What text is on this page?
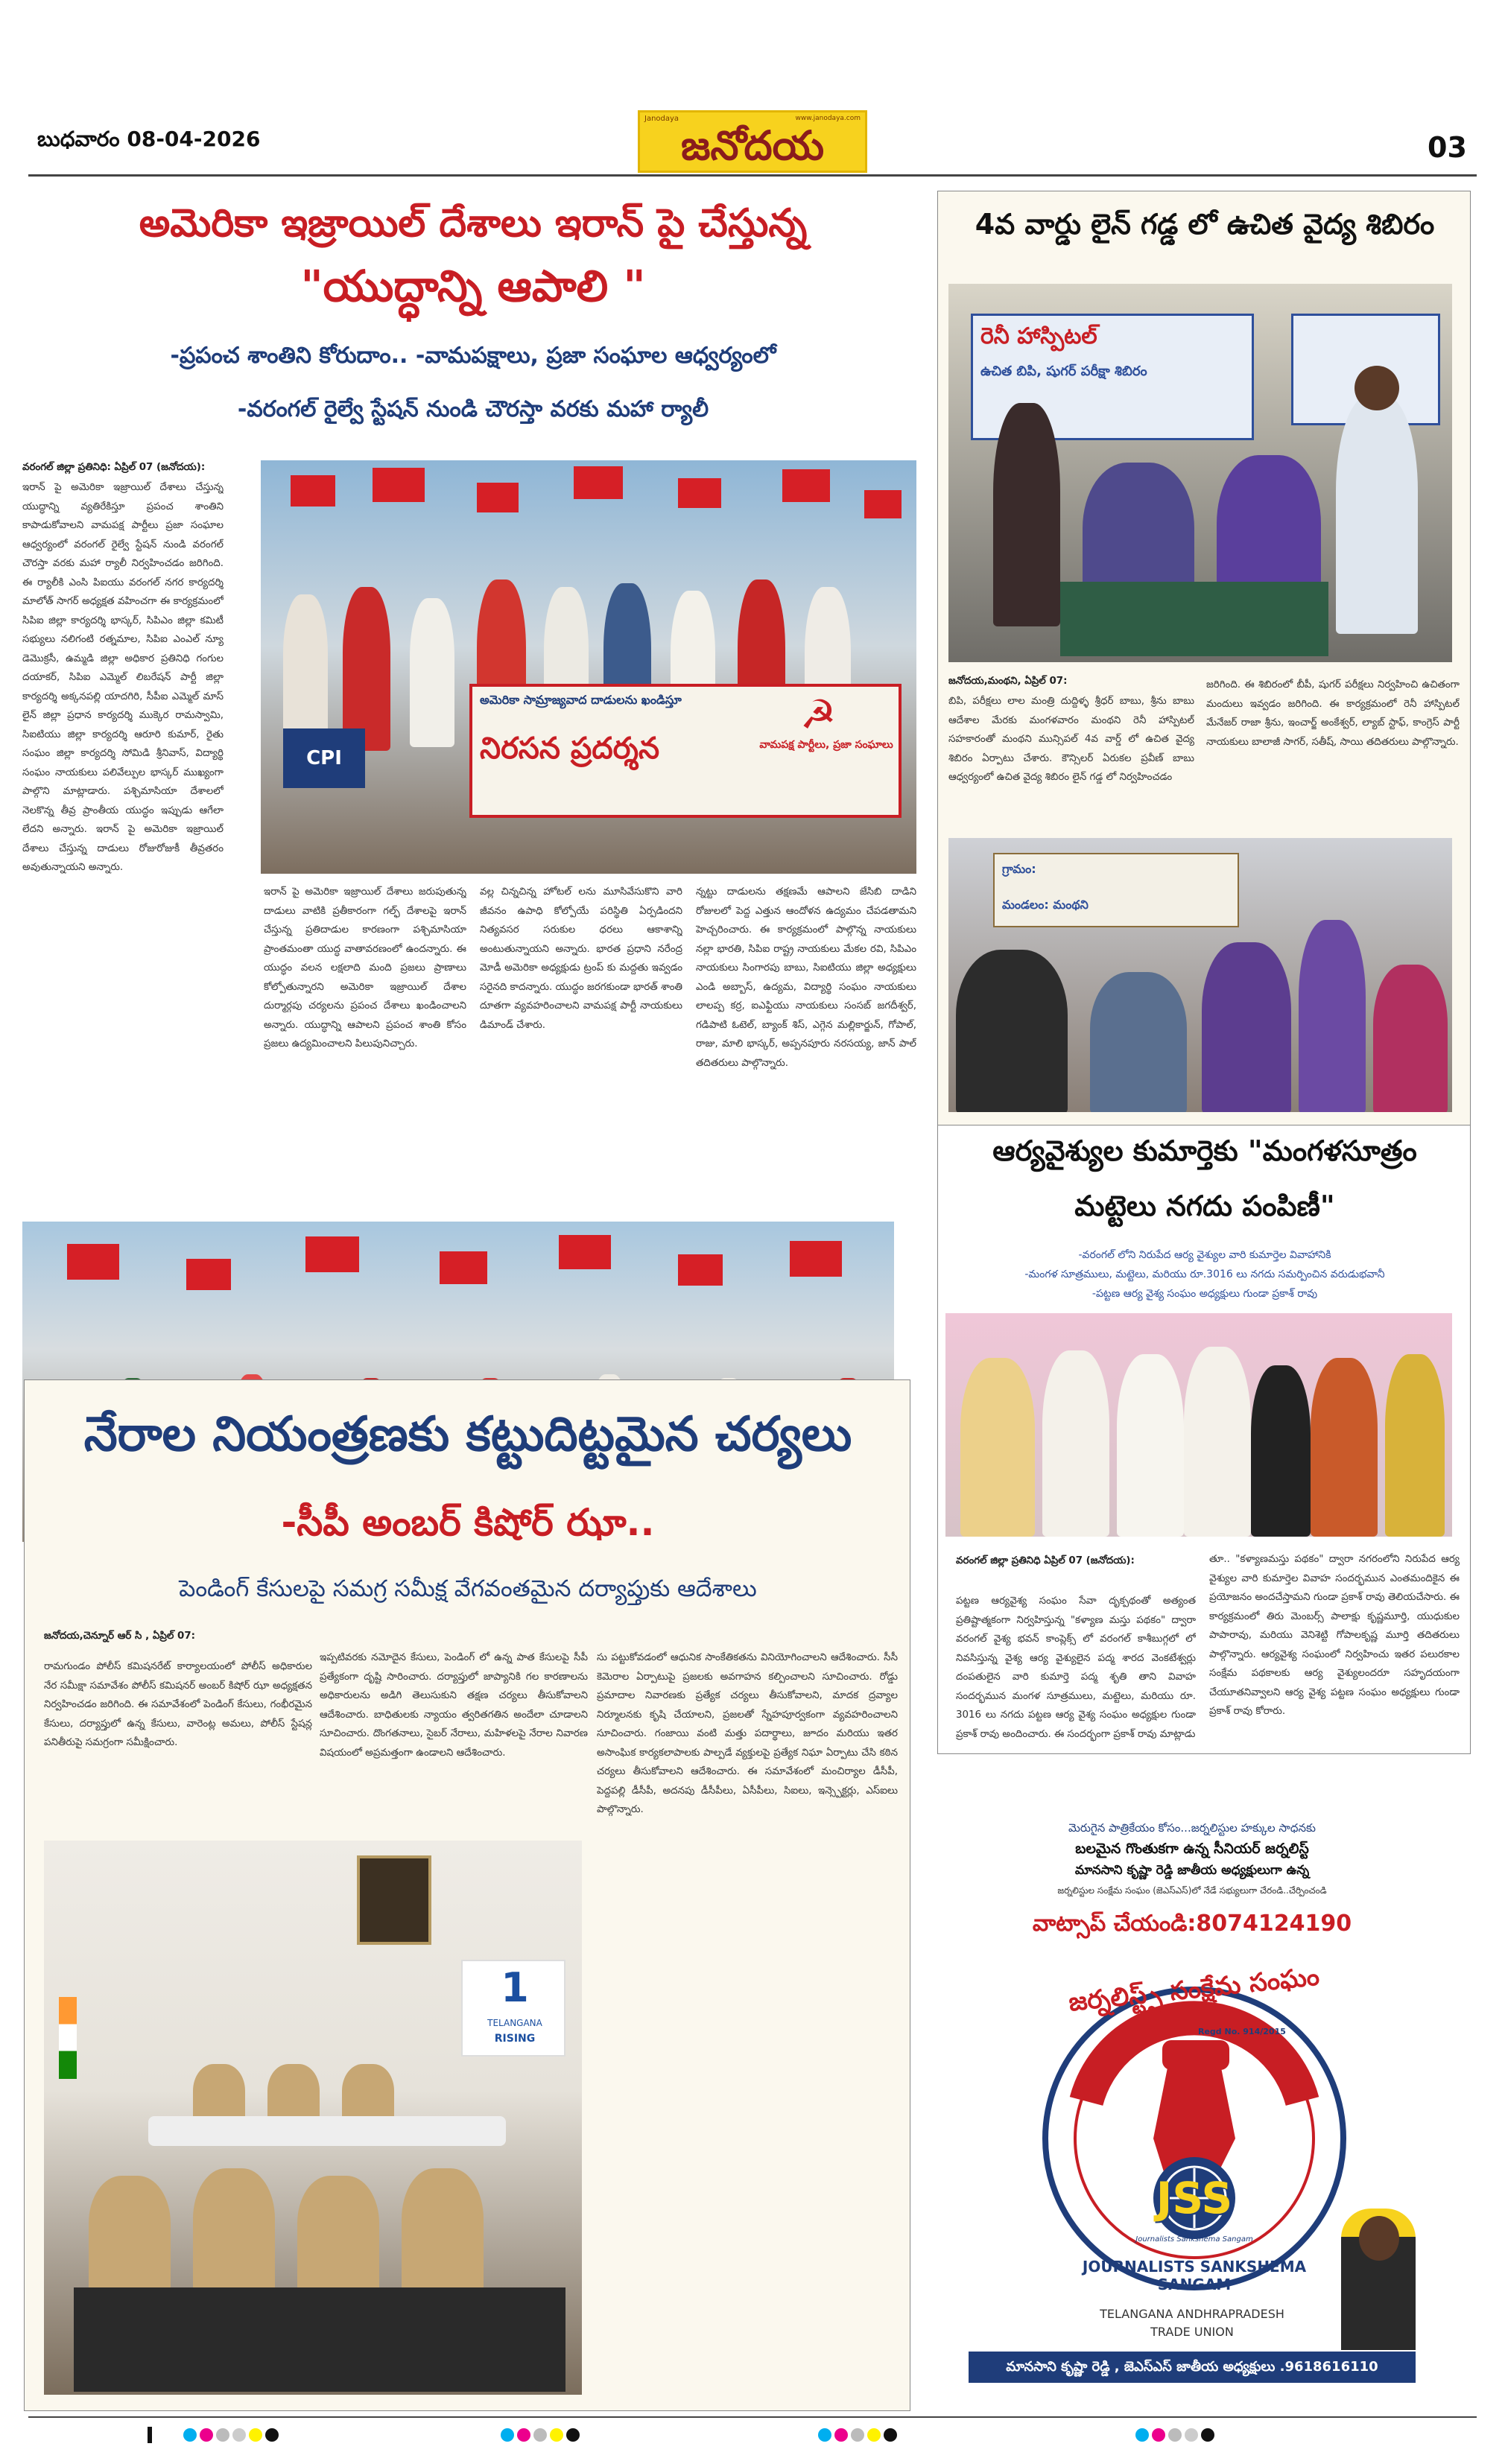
బుధవారం 08-04-2026
Janodaya	www.janodaya.com
జనోదయ	03
అమెరికా ఇజ్రాయిల్ దేశాలు ఇరాన్ పై చేస్తున్న
"యుద్ధాన్ని ఆపాలి "
-ప్రపంచ శాంతిని కోరుదాం.. -వామపక్షాలు, ప్రజా సంఘాల ఆధ్వర్యంలో
-వరంగల్ రైల్వే స్టేషన్ నుండి చౌరస్తా వరకు మహా ర్యాలీ
వరంగల్ జిల్లా ప్రతినిధి: ఏప్రిల్ 07 (జనోదయ):
ఇరాన్ పై అమెరికా ఇజ్రాయిల్ దేశాలు చేస్తున్న యుద్ధాన్ని వ్యతిరేకిస్తూ ప్రపంచ శాంతిని కాపాడుకోవాలని వామపక్ష పార్టీలు ప్రజా సంఘాల ఆధ్వర్యంలో వరంగల్ రైల్వే స్టేషన్ నుండి వరంగల్ చౌరస్తా వరకు మహా ర్యాలీ నిర్వహించడం జరిగింది. ఈ ర్యాలీకి ఎంసి పిఐయు వరంగల్ నగర కార్యదర్శి మాలోత్ సాగర్ అధ్యక్షత వహించగా ఈ కార్యక్రమంలో సిపిఐ జిల్లా కార్యదర్శి భాస్కర్, సిపిఎం జిల్లా కమిటీ సభ్యులు నలిగంటి రత్నమాల, సిపిఐ ఎంఎల్ న్యూ డెమొక్రసీ, ఉమ్మడి జిల్లా అధికార ప్రతినిధి గంగుల దయాకర్, సిపిఐ ఎమ్మెల్ లిబరేషన్ పార్టీ జిల్లా కార్యదర్శి అక్కనపల్లి యాదగిరి, సీపీఐ ఎమ్మెల్ మాస్ లైన్ జిల్లా ప్రధాన కార్యదర్శి ముక్కెర రామస్వామి, సిఐటియు జిల్లా కార్యదర్శి ఆరూరి కుమార్, రైతు సంఘం జిల్లా కార్యదర్శి సోమిడి శ్రీనివాస్, విద్యార్థి సంఘం నాయకులు పలివేల్పుల భాస్కర్ ముఖ్యంగా పాల్గొని మాట్లాడారు. పశ్చిమాసియా దేశాలలో నెలకొన్న తీవ్ర ప్రాంతీయ యుద్ధం ఇప్పుడు ఆగేలా లేదని అన్నారు. ఇరాన్ పై అమెరికా ఇజ్రాయిల్ దేశాలు చేస్తున్న దాడులు రోజురోజుకీ తీవ్రతరం అవుతున్నాయని అన్నారు.
అమెరికా సామ్రాజ్యవాద దాడులను ఖండిస్తూ
నిరసన ప్రదర్శన	వామపక్ష పార్టీలు, ప్రజా సంఘాలు
☭
CPI
ఇరాన్ పై అమెరికా ఇజ్రాయిల్ దేశాలు జరుపుతున్న దాడులు వాటికి ప్రతీకారంగా గల్ఫ్ దేశాలపై ఇరాన్ చేస్తున్న ప్రతిదాడుల కారణంగా పశ్చిమాసియా ప్రాంతమంతా యుద్ధ వాతావరణంలో ఉందన్నారు. ఈ యుద్ధం వలన లక్షలాది మంది ప్రజలు ప్రాణాలు కోల్పోతున్నారని అమెరికా ఇజ్రాయిల్ దేశాల దుర్మార్గపు చర్యలను ప్రపంచ దేశాలు ఖండించాలని అన్నారు. యుద్ధాన్ని ఆపాలని ప్రపంచ శాంతి కోసం ప్రజలు ఉద్యమించాలని పిలుపునిచ్చారు.
వల్ల చిన్నచిన్న హోటల్ లను మూసివేసుకొని వారి జీవనం ఉపాధి కోల్పోయే పరిస్థితి ఏర్పడిందని నిత్యవసర సరుకుల ధరలు ఆకాశాన్ని అంటుతున్నాయని అన్నారు. భారత ప్రధాని నరేంద్ర మోడీ అమెరికా అధ్యక్షుడు ట్రంప్ కు మద్దతు ఇవ్వడం సరైనది కాదన్నారు. యుద్ధం జరగకుండా భారత్ శాంతి దూతగా వ్యవహరించాలని వామపక్ష పార్టీ నాయకులు డిమాండ్ చేశారు.
న్నట్టు దాడులను తక్షణమే ఆపాలని జేసిబి దాడిని రోజులలో పెద్ద ఎత్తున ఆందోళన ఉద్యమం చేపడతామని హెచ్చరించారు. ఈ కార్యక్రమంలో పాల్గొన్న నాయకులు నల్లా భారతి, సిపిఐ రాష్ట్ర నాయకులు మేకల రవి, సిపిఎం నాయకులు సింగారపు బాబు, సిఐటియు జిల్లా అధ్యక్షులు ఎండి అబ్బాస్, ఉద్యమ, విద్యార్థి సంఘం నాయకులు లాలప్ప కర్ర, ఐఎఫ్టియు నాయకులు సంసబ్ జగదీశ్వర్, గడిపాటి ఓటెల్, బ్యాంక్ శిస్, ఎగ్గెన మల్లికార్జున్, గోపాల్, రాజు, మాలి భాస్కర్, అప్పనపూరు నరసయ్య, జాన్ పాల్ తదితరులు పాల్గొన్నారు.
4వ వార్డు లైన్ గడ్డ లో ఉచిత వైద్య శిబిరం
రెనీ హాస్పిటల్
ఉచిత బిపి, షుగర్ పరీక్షా శిబిరం
జనోదయ,మంథని, ఏప్రిల్ 07:
బిపి, పరీక్షలు లాల మంత్రి దుద్దిళ్ళ శ్రీధర్ బాబు, శ్రీను బాబు ఆదేశాల మేరకు మంగళవారం మంథని రెనీ హాస్పిటల్ సహకారంతో మంథని మున్సిపల్ 4వ వార్డ్ లో ఉచిత వైద్య శిబిరం ఏర్పాటు చేశారు. కౌన్సిలర్ ఏరుకల ప్రవీణ్ బాబు ఆధ్వర్యంలో ఉచిత వైద్య శిబిరం లైన్ గడ్డ లో నిర్వహించడం
జరిగింది. ఈ శిబిరంలో బీపీ, షుగర్ పరీక్షలు నిర్వహించి ఉచితంగా మందులు ఇవ్వడం జరిగింది. ఈ కార్యక్రమంలో రెనీ హాస్పిటల్ మేనేజర్ రాజా శ్రీను, ఇంచార్జ్ అంకేశ్వర్, ల్యాబ్ స్టాఫ్, కాంగ్రెస్ పార్టీ నాయకులు బాలాజీ సాగర్, సతీష్, సాయి తదితరులు పాల్గొన్నారు.
గ్రామం:
మండలం: మంథని
ఆర్యవైశ్యుల కుమార్తెకు "మంగళసూత్రం
మట్టెలు నగదు పంపిణీ"
-వరంగల్ లోని నిరుపేద ఆర్య వైశ్యుల వారి కుమార్తెల వివాహానికి
-మంగళ సూత్రములు, మట్టెలు, మరియు రూ.3016 లు నగదు సమర్పించిన వరుడుభవానీ
-పట్టణ ఆర్య వైశ్య సంఘం అధ్యక్షులు గుండా ప్రకాశ్ రావు
వరంగల్ జిల్లా ప్రతినిధి ఏప్రిల్ 07 (జనోదయ):
పట్టణ ఆర్యవైశ్య సంఘం సేవా దృక్పథంతో అత్యంత ప్రతిష్టాత్మకంగా నిర్వహిస్తున్న "కళ్యాణ మస్తు పథకం" ద్వారా వరంగల్ వైశ్య భవన్ కాంప్లెక్స్ లో వరంగల్ కాశీబుగ్గలో లో నివసిస్తున్న వైశ్య ఆర్య వైశ్యులైన పద్మ శారద వెంకటేశ్వర్లు దంపతులైన వారి కుమార్తె పద్మ శృతి తాని వివాహ సందర్భమున మంగళ సూత్రములు, మట్టెలు, మరియు రూ. 3016 లు నగదు పట్టణ ఆర్య వైశ్య సంఘం అధ్యక్షుల గుండా ప్రకాశ్ రావు అందించారు. ఈ సందర్భంగా ప్రకాశ్ రావు మాట్లాడు
తూ.. "కళ్యాణమస్తు పథకం" ద్వారా నగరంలోని నిరుపేద ఆర్య వైశ్యుల వారి కుమార్తెల వివాహ సందర్భమున ఎంతమందికైన ఈ ప్రయోజనం అందచేస్తామని గుండా ప్రకాశ్ రావు తెలియచేసారు. ఈ కార్యక్రమంలో తిరు మెంబర్స్ పాలాక్షు కృష్ణమూర్తి, యుధుకుల పాపారావు, మరియు వెనిశెట్టి గోపాలకృష్ణ మూర్తి తదితరులు పాల్గొన్నారు. ఆర్యవైశ్య సంఘంలో నిర్వహించు ఇతర పలురకాల సంక్షేమ పథకాలకు ఆర్య వైశ్యులందరూ సహృదయంగా చేయూతనివ్వాలని ఆర్య వైశ్య పట్టణ సంఘం అధ్యక్షులు గుండా ప్రకాశ్ రావు కోరారు.
నేరాల నియంత్రణకు కట్టుదిట్టమైన చర్యలు
-సీపీ అంబర్ కిషోర్ ఝా..
పెండింగ్ కేసులపై సమగ్ర సమీక్ష వేగవంతమైన దర్యాప్తుకు ఆదేశాలు
జనోదయ,చెన్నూర్ ఆర్ సి , ఏప్రిల్ 07:
రామగుండం పోలీస్ కమిషనరేట్ కార్యాలయంలో పోలీస్ అధికారుల నేర సమీక్షా సమావేశం పోలీస్ కమిషనర్ అంబర్ కిషోర్ ఝా అధ్యక్షతన నిర్వహించడం జరిగింది. ఈ సమావేశంలో పెండింగ్ కేసులు, గంభీరమైన కేసులు, దర్యాప్తులో ఉన్న కేసులు, వారెంట్ల అమలు, పోలీస్ స్టేషన్ల పనితీరుపై సమగ్రంగా సమీక్షించారు.
ఇప్పటివరకు నమోదైన కేసులు, పెండింగ్ లో ఉన్న పాత కేసులపై సీపీ ప్రత్యేకంగా దృష్టి సారించారు. దర్యాప్తులో జాప్యానికి గల కారణాలను అధికారులను అడిగి తెలుసుకుని తక్షణ చర్యలు తీసుకోవాలని ఆదేశించారు. బాధితులకు న్యాయం త్వరితగతిన అందేలా చూడాలని సూచించారు. దొంగతనాలు, సైబర్ నేరాలు, మహిళలపై నేరాల నివారణ విషయంలో అప్రమత్తంగా ఉండాలని ఆదేశించారు.
సు పట్టుకోవడంలో ఆధునిక సాంకేతికతను వినియోగించాలని ఆదేశించారు. సీసీ కెమెరాల ఏర్పాటుపై ప్రజలకు అవగాహన కల్పించాలని సూచించారు. రోడ్డు ప్రమాదాల నివారణకు ప్రత్యేక చర్యలు తీసుకోవాలని, మాదక ద్రవ్యాల నిర్మూలనకు కృషి చేయాలని, ప్రజలతో స్నేహపూర్వకంగా వ్యవహరించాలని సూచించారు. గంజాయి వంటి మత్తు పదార్థాలు, జూదం మరియు ఇతర అసాంఘిక కార్యకలాపాలకు పాల్పడే వ్యక్తులపై ప్రత్యేక నిఘా ఏర్పాటు చేసి కఠిన చర్యలు తీసుకోవాలని ఆదేశించారు. ఈ సమావేశంలో మంచిర్యాల డీసీపీ, పెద్దపల్లి డీసీపీ, అదనపు డీసీపీలు, ఏసీపీలు, సిఐలు, ఇన్స్పెక్టర్లు, ఎస్ఐలు పాల్గొన్నారు.
1
TELANGANA
RISING
మెరుగైన పాత్రికేయం కోసం...జర్నలిస్టుల హక్కుల సాధనకు
బలమైన గొంతుకగా ఉన్న సీనియర్ జర్నలిస్ట్
మానసాని కృష్ణా రెడ్డి జాతీయ అధ్యక్షులుగా ఉన్న
జర్నలిస్టుల సంక్షేమ సంఘం (జెఎస్ఎస్)లో నేడే సభ్యులుగా చేరండి..చేర్పించండి
వాట్సాప్ చేయండి:8074124190
జర్నలిస్ట్స్ సంక్షేమ సంఘం
Regd No. 914/2015
JSS
Journalists Sankshema Sangam
JOURNALISTS SANKSHEMA SANGAM
TELANGANA ANDHRAPRADESH
TRADE UNION
మానసాని కృష్ణా రెడ్డి , జెఎస్ఎస్ జాతీయ అధ్యక్షులు .9618616110
